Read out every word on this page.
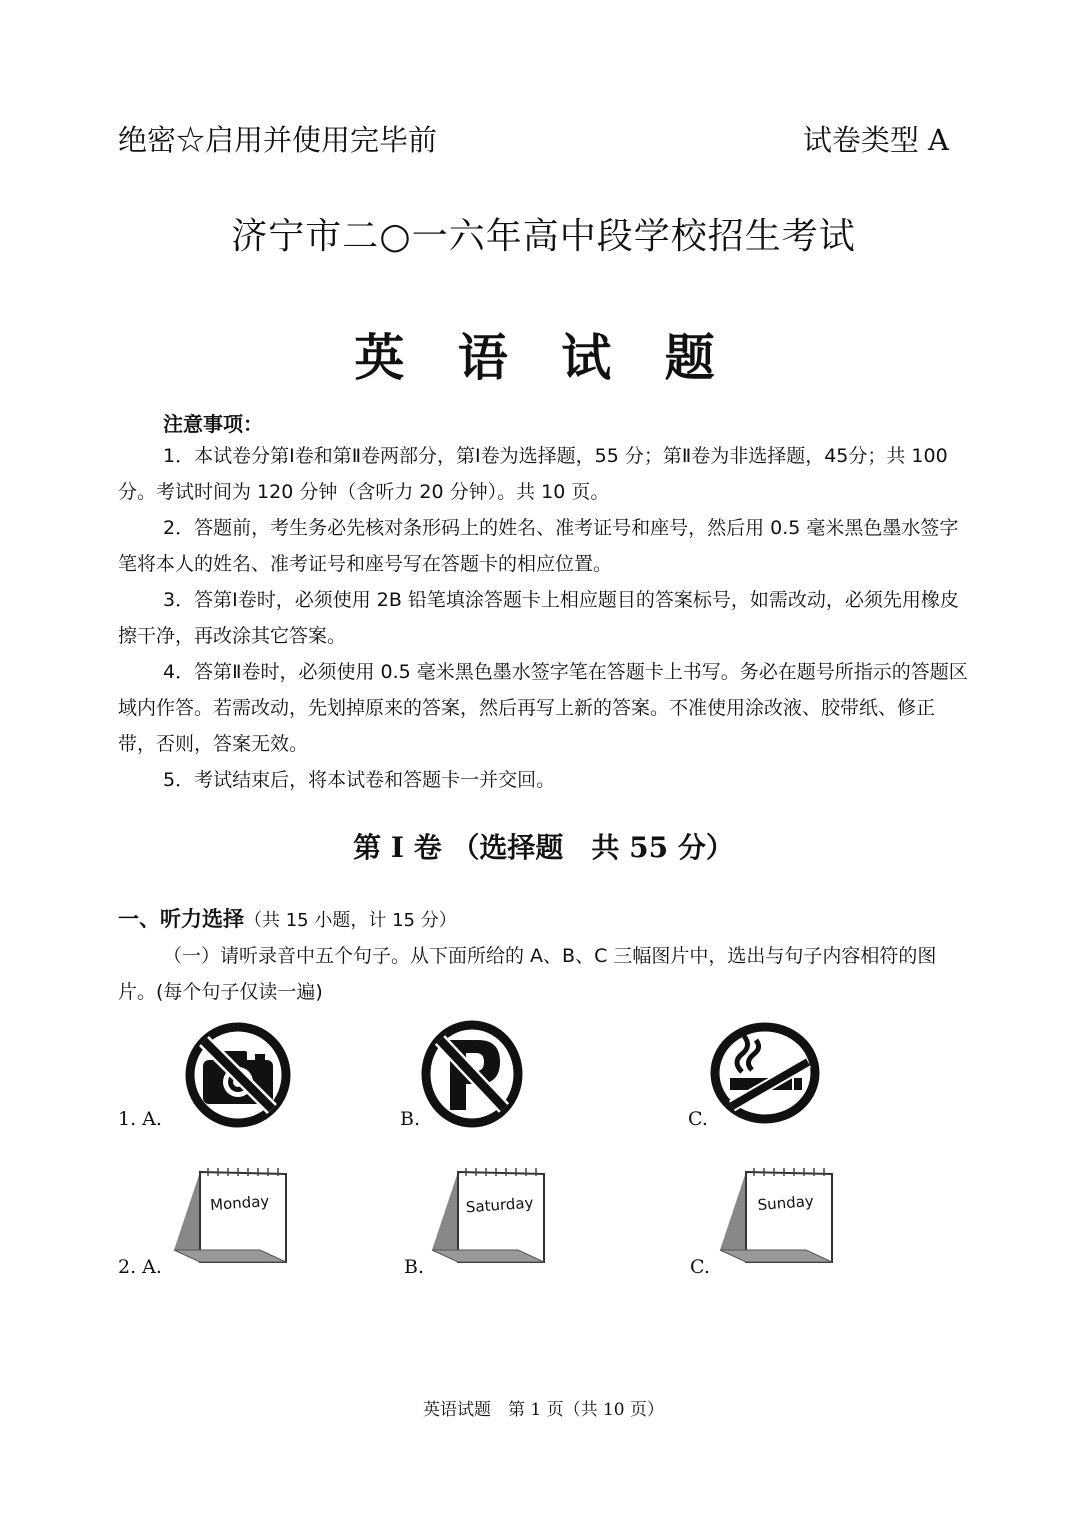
绝密☆启用并使用完毕前	试卷类型 A
济宁市二○一六年高中段学校招生考试
英 语 试 题
注意事项：

1．本试卷分第Ⅰ卷和第Ⅱ卷两部分，第Ⅰ卷为选择题，55 分；第Ⅱ卷为非选择题，45分；共 100 分。考试时间为 120 分钟（含听力 20 分钟）。共 10 页。

2．答题前，考生务必先核对条形码上的姓名、准考证号和座号，然后用 0.5 毫米黑色墨水签字笔将本人的姓名、准考证号和座号写在答题卡的相应位置。

3．答第Ⅰ卷时，必须使用 2B 铅笔填涂答题卡上相应题目的答案标号，如需改动，必须先用橡皮擦干净，再改涂其它答案。

4．答第Ⅱ卷时，必须使用 0.5 毫米黑色墨水签字笔在答题卡上书写。务必在题号所指示的答题区域内作答。若需改动，先划掉原来的答案，然后再写上新的答案。不准使用涂改液、胶带纸、修正带，否则，答案无效。

5．考试结束后，将本试卷和答题卡一并交回。

第 I 卷 （选择题　共 55 分）
一、听力选择（共 15 小题，计 15 分）
（一）请听录音中五个句子。从下面所给的 A、B、C 三幅图片中，选出与句子内容相符的图片。(每个句子仅读一遍)
1. A.	B.	C.
2. A.
Monday
B.
Saturday
C.
Sunday
英语试题　第 1 页（共 10 页）
